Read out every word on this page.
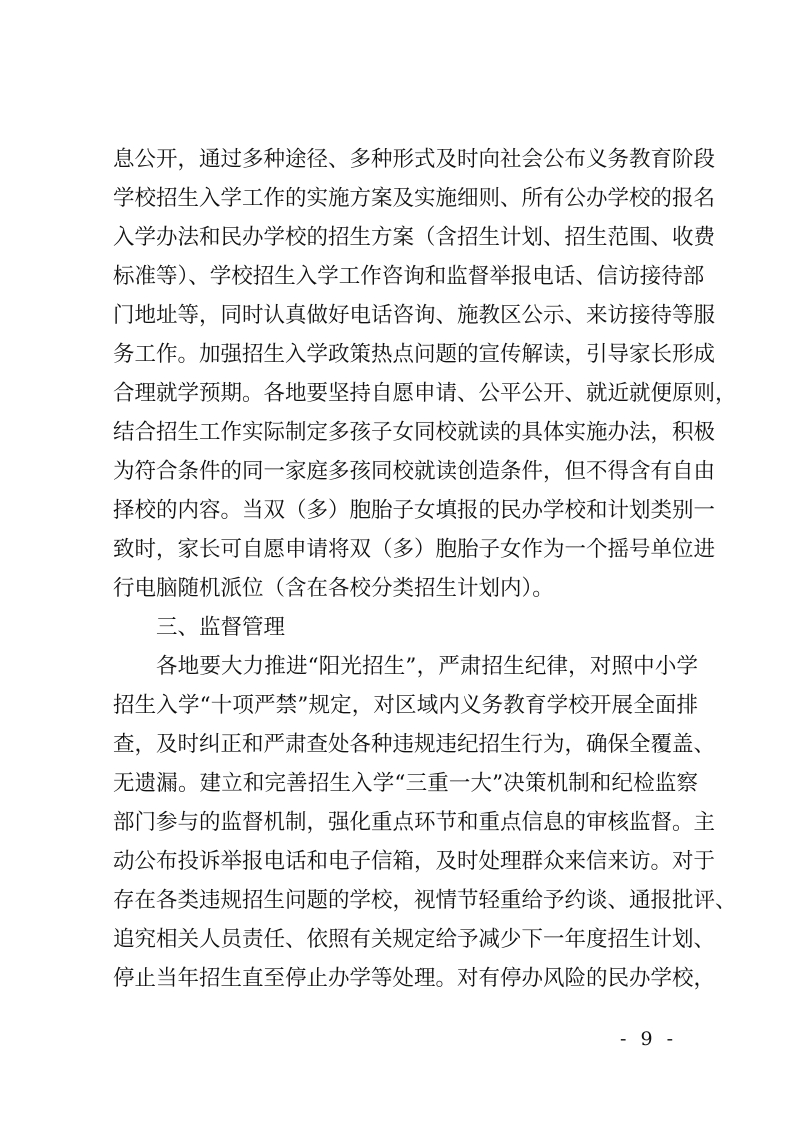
息公开，通过多种途径、多种形式及时向社会公布义务教育阶段
学校招生入学工作的实施方案及实施细则、所有公办学校的报名
入学办法和民办学校的招生方案（含招生计划、招生范围、收费
标准等）、学校招生入学工作咨询和监督举报电话、信访接待部
门地址等，同时认真做好电话咨询、施教区公示、来访接待等服
务工作。加强招生入学政策热点问题的宣传解读，引导家长形成
合理就学预期。各地要坚持自愿申请、公平公开、就近就便原则，
结合招生工作实际制定多孩子女同校就读的具体实施办法，积极
为符合条件的同一家庭多孩同校就读创造条件，但不得含有自由
择校的内容。当双（多）胞胎子女填报的民办学校和计划类别一
致时，家长可自愿申请将双（多）胞胎子女作为一个摇号单位进
行电脑随机派位（含在各校分类招生计划内）。
三、监督管理
各地要大力推进“阳光招生”，严肃招生纪律，对照中小学
招生入学“十项严禁”规定，对区域内义务教育学校开展全面排
查，及时纠正和严肃查处各种违规违纪招生行为，确保全覆盖、
无遗漏。建立和完善招生入学“三重一大”决策机制和纪检监察
部门参与的监督机制，强化重点环节和重点信息的审核监督。主
动公布投诉举报电话和电子信箱，及时处理群众来信来访。对于
存在各类违规招生问题的学校，视情节轻重给予约谈、通报批评、
追究相关人员责任、依照有关规定给予减少下一年度招生计划、
停止当年招生直至停止办学等处理。对有停办风险的民办学校，
- 9 -
